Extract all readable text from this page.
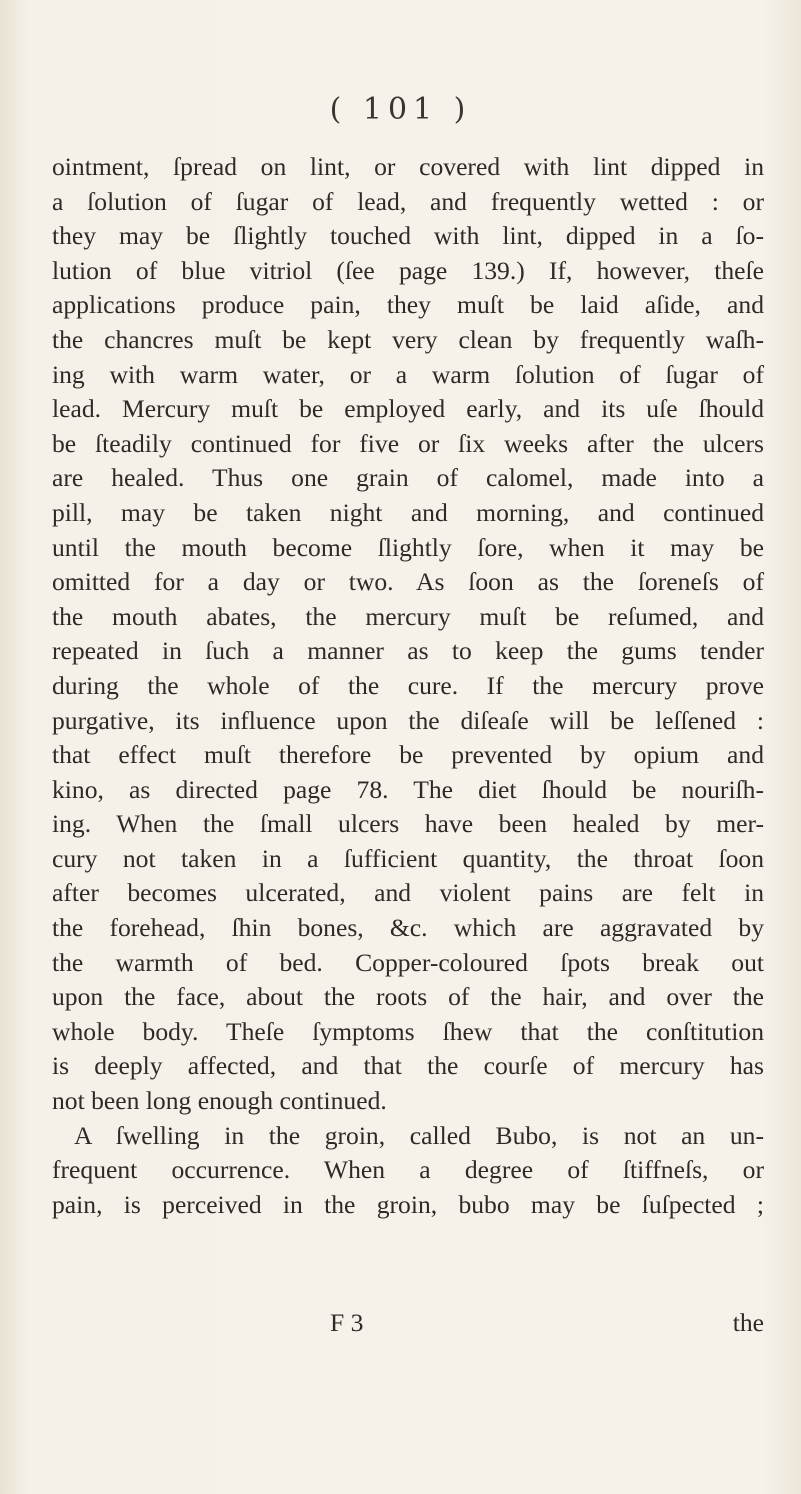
( 101 )
ointment, ſpread on lint, or covered with lint dipped in
a ſolution of ſugar of lead, and frequently wetted : or
they may be ſlightly touched with lint, dipped in a ſo-
lution of blue vitriol (ſee page 139.) If, however, theſe
applications produce pain, they muſt be laid aſide, and
the chancres muſt be kept very clean by frequently waſh-
ing with warm water, or a warm ſolution of ſugar of
lead. Mercury muſt be employed early, and its uſe ſhould
be ſteadily continued for five or ſix weeks after the ulcers
are healed. Thus one grain of calomel, made into a
pill, may be taken night and morning, and continued
until the mouth become ſlightly ſore, when it may be
omitted for a day or two. As ſoon as the ſoreneſs of
the mouth abates, the mercury muſt be reſumed, and
repeated in ſuch a manner as to keep the gums tender
during the whole of the cure. If the mercury prove
purgative, its influence upon the diſeaſe will be leſſened :
that effect muſt therefore be prevented by opium and
kino, as directed page 78. The diet ſhould be nouriſh-
ing. When the ſmall ulcers have been healed by mer-
cury not taken in a ſufficient quantity, the throat ſoon
after becomes ulcerated, and violent pains are felt in
the forehead, ſhin bones, &c. which are aggravated by
the warmth of bed. Copper-coloured ſpots break out
upon the face, about the roots of the hair, and over the
whole body. Theſe ſymptoms ſhew that the conſtitution
is deeply affected, and that the courſe of mercury has
not been long enough continued.
A ſwelling in the groin, called Bubo, is not an un-
frequent occurrence. When a degree of ſtiffneſs, or
pain, is perceived in the groin, bubo may be ſuſpected ;
F 3	the
